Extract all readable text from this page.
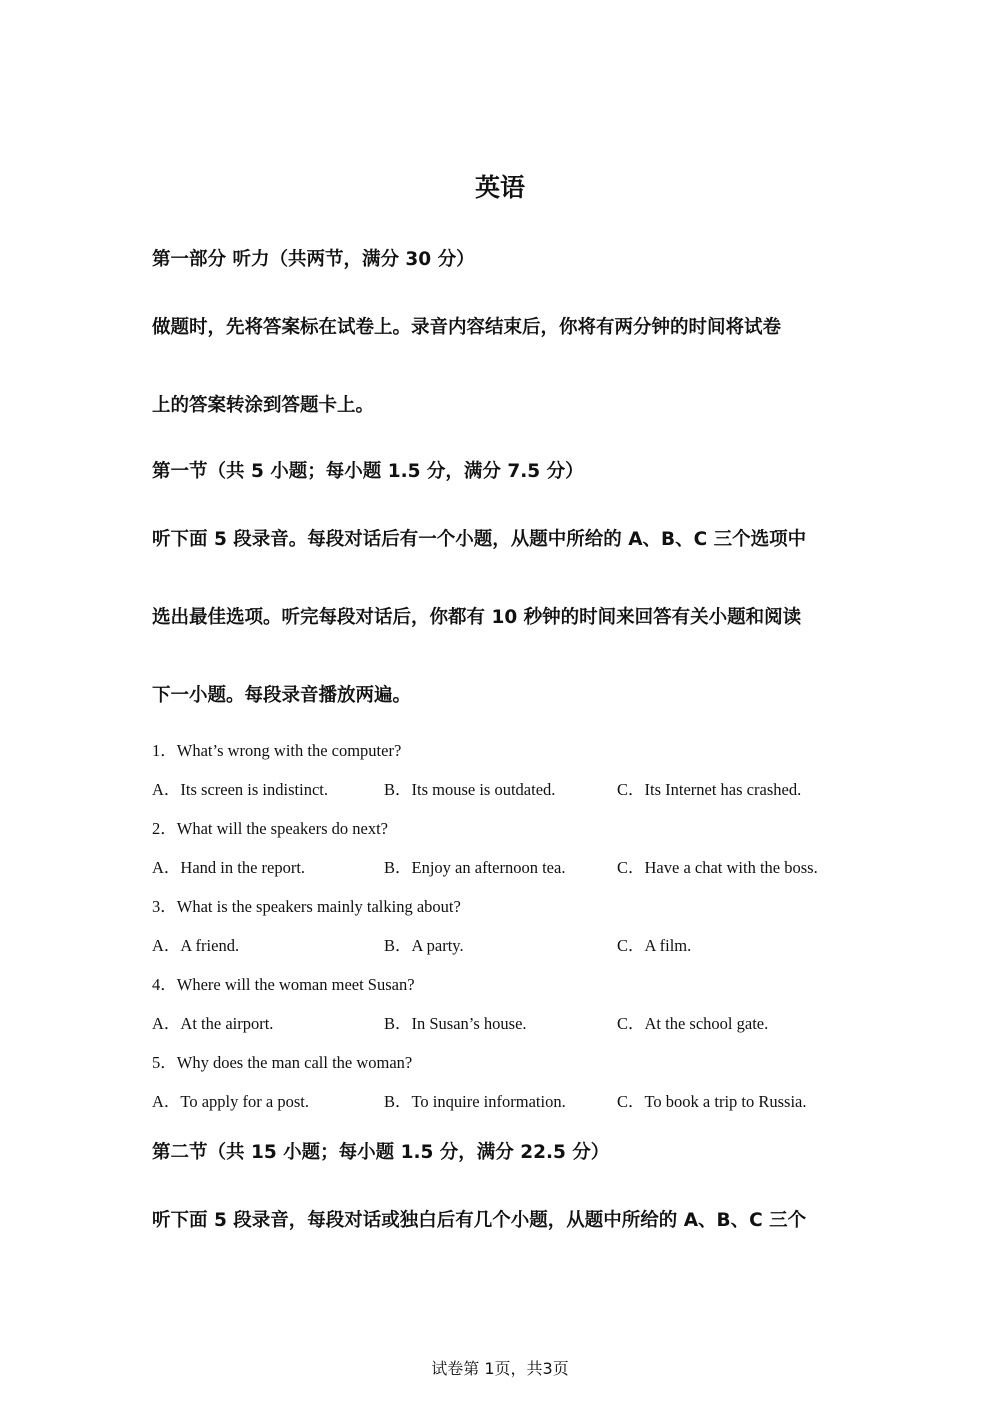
英语
第一部分 听力（共两节，满分 30 分）
做题时，先将答案标在试卷上。录音内容结束后，你将有两分钟的时间将试卷
上的答案转涂到答题卡上。
第一节（共 5 小题；每小题 1.5 分，满分 7.5 分）
听下面 5 段录音。每段对话后有一个小题，从题中所给的 A、B、C 三个选项中
选出最佳选项。听完每段对话后，你都有 10 秒钟的时间来回答有关小题和阅读
下一小题。每段录音播放两遍。
1．What’s wrong with the computer?
A．Its screen is indistinct.	B．Its mouse is outdated.	C．Its Internet has crashed.
2．What will the speakers do next?
A．Hand in the report.	B．Enjoy an afternoon tea.	C．Have a chat with the boss.
3．What is the speakers mainly talking about?
A．A friend.	B．A party.	C．A film.
4．Where will the woman meet Susan?
A．At the airport.	B．In Susan’s house.	C．At the school gate.
5．Why does the man call the woman?
A．To apply for a post.	B．To inquire information.	C．To book a trip to Russia.
第二节（共 15 小题；每小题 1.5 分，满分 22.5 分）
听下面 5 段录音，每段对话或独白后有几个小题，从题中所给的 A、B、C 三个
试卷第 1页，共3页
